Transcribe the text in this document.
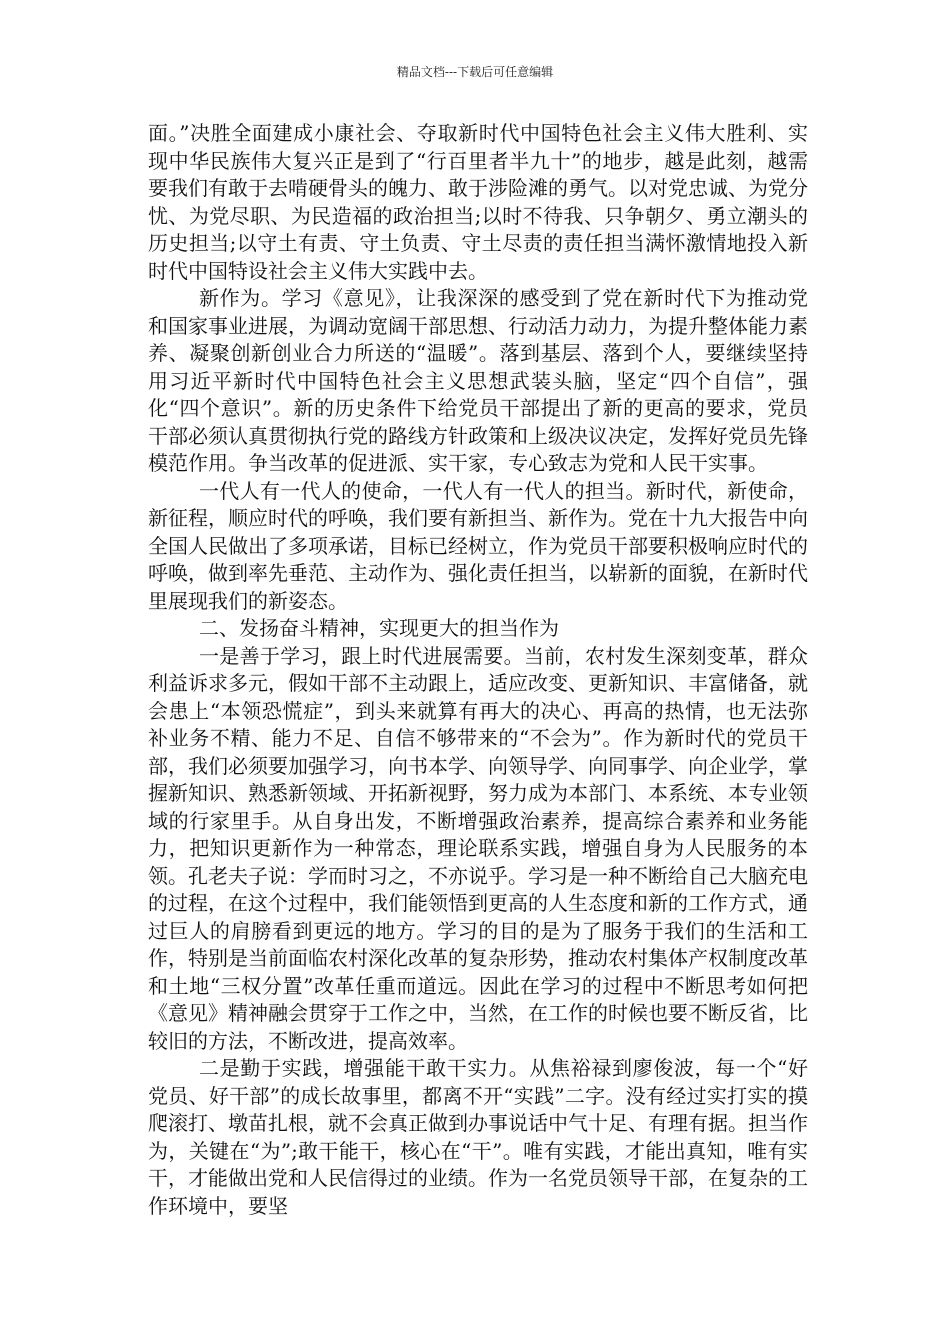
精品文档---下载后可任意编辑

面。”决胜全面建成小康社会、夺取新时代中国特色社会主义伟大胜利、实现中华民族伟大复兴正是到了“行百里者半九十”的地步，越是此刻，越需要我们有敢于去啃硬骨头的魄力、敢于涉险滩的勇气。以对党忠诚、为党分忧、为党尽职、为民造福的政治担当;以时不待我、只争朝夕、勇立潮头的历史担当;以守土有责、守土负责、守土尽责的责任担当满怀激情地投入新时代中国特设社会主义伟大实践中去。

新作为。学习《意见》，让我深深的感受到了党在新时代下为推动党和国家事业进展，为调动宽阔干部思想、行动活力动力，为提升整体能力素养、凝聚创新创业合力所送的“温暖”。落到基层、落到个人，要继续坚持用习近平新时代中国特色社会主义思想武装头脑，坚定“四个自信”，强化“四个意识”。新的历史条件下给党员干部提出了新的更高的要求，党员干部必须认真贯彻执行党的路线方针政策和上级决议决定，发挥好党员先锋模范作用。争当改革的促进派、实干家，专心致志为党和人民干实事。

一代人有一代人的使命，一代人有一代人的担当。新时代，新使命，新征程，顺应时代的呼唤，我们要有新担当、新作为。党在十九大报告中向全国人民做出了多项承诺，目标已经树立，作为党员干部要积极响应时代的呼唤，做到率先垂范、主动作为、强化责任担当，以崭新的面貌，在新时代里展现我们的新姿态。

二、发扬奋斗精神，实现更大的担当作为

一是善于学习，跟上时代进展需要。当前，农村发生深刻变革，群众利益诉求多元，假如干部不主动跟上，适应改变、更新知识、丰富储备，就会患上“本领恐慌症”，到头来就算有再大的决心、再高的热情，也无法弥补业务不精、能力不足、自信不够带来的“不会为”。作为新时代的党员干部，我们必须要加强学习，向书本学、向领导学、向同事学、向企业学，掌握新知识、熟悉新领域、开拓新视野，努力成为本部门、本系统、本专业领域的行家里手。从自身出发，不断增强政治素养，提高综合素养和业务能力，把知识更新作为一种常态，理论联系实践，增强自身为人民服务的本领。孔老夫子说：学而时习之，不亦说乎。学习是一种不断给自己大脑充电的过程，在这个过程中，我们能领悟到更高的人生态度和新的工作方式，通过巨人的肩膀看到更远的地方。学习的目的是为了服务于我们的生活和工作，特别是当前面临农村深化改革的复杂形势，推动农村集体产权制度改革和土地“三权分置”改革任重而道远。因此在学习的过程中不断思考如何把《意见》精神融会贯穿于工作之中，当然，在工作的时候也要不断反省，比较旧的方法，不断改进，提高效率。

二是勤于实践，增强能干敢干实力。从焦裕禄到廖俊波，每一个“好党员、好干部”的成长故事里，都离不开“实践”二字。没有经过实打实的摸爬滚打、墩苗扎根，就不会真正做到办事说话中气十足、有理有据。担当作为，关键在“为”;敢干能干，核心在“干”。唯有实践，才能出真知，唯有实干，才能做出党和人民信得过的业绩。作为一名党员领导干部，在复杂的工作环境中，要坚
